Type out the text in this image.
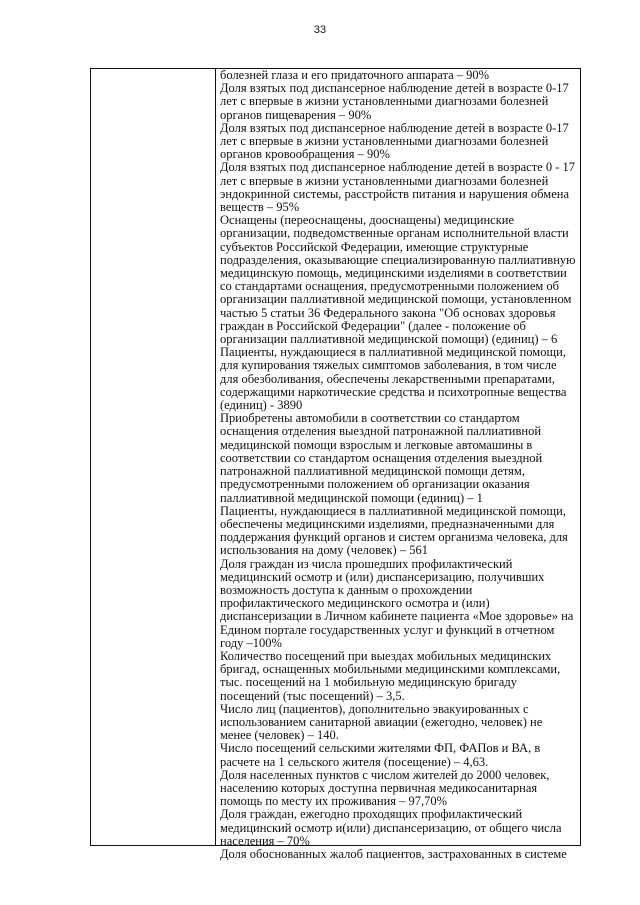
33

болезней глаза и его придаточного аппарата – 90%

Доля взятых под диспансерное наблюдение детей в возрасте 0-17 лет с впервые в жизни установленными диагнозами болезней органов пищеварения – 90%

Доля взятых под диспансерное наблюдение детей в возрасте 0-17 лет с впервые в жизни установленными диагнозами болезней органов кровообращения – 90%

Доля взятых под диспансерное наблюдение детей в возрасте 0 - 17 лет с впервые в жизни установленными диагнозами болезней эндокринной системы, расстройств питания и нарушения обмена веществ – 95%

Оснащены (переоснащены, дооснащены) медицинские организации, подведомственные органам исполнительной власти субъектов Российской Федерации, имеющие структурные подразделения, оказывающие специализированную паллиативную медицинскую помощь, медицинскими изделиями в соответствии со стандартами оснащения, предусмотренными положением об организации паллиативной медицинской помощи, установленном частью 5 статьи 36 Федерального закона "Об основах здоровья граждан в Российской Федерации" (далее - положение об организации паллиативной медицинской помощи) (единиц) – 6

Пациенты, нуждающиеся в паллиативной медицинской помощи, для купирования тяжелых симптомов заболевания, в том числе для обезболивания, обеспечены лекарственными препаратами, содержащими наркотические средства и психотропные вещества (единиц) - 3890

Приобретены автомобили в соответствии со стандартом оснащения отделения выездной патронажной паллиативной медицинской помощи взрослым и легковые автомашины в соответствии со стандартом оснащения отделения выездной патронажной паллиативной медицинской помощи детям, предусмотренными положением об организации оказания паллиативной медицинской помощи (единиц) – 1

Пациенты, нуждающиеся в паллиативной медицинской помощи, обеспечены медицинскими изделиями, предназначенными для поддержания функций органов и систем организма человека, для использования на дому (человек) – 561

Доля граждан из числа прошедших профилактический медицинский осмотр и (или) диспансеризацию, получивших возможность доступа к данным о прохождении профилактического медицинского осмотра и (или) диспансеризации в Личном кабинете пациента «Мое здоровье» на Едином портале государственных услуг и функций в отчетном году –100%

Количество посещений при выездах мобильных медицинских бригад, оснащенных мобильными медицинскими комплексами, тыс. посещений на 1 мобильную медицинскую бригаду посещений (тыс посещений) – 3,5.

Число лиц (пациентов), дополнительно эвакуированных с использованием санитарной авиации (ежегодно, человек) не менее (человек) – 140.

Число посещений сельскими жителями ФП, ФАПов и ВА, в расчете на 1 сельского жителя (посещение) – 4,63.

Доля населенных пунктов с числом жителей до 2000 человек, населению которых доступна первичная медикосанитарная помощь по месту их проживания – 97,70%

Доля граждан, ежегодно проходящих профилактический медицинский осмотр и(или) диспансеризацию, от общего числа населения – 70%

Доля обоснованных жалоб пациентов, застрахованных в системе
